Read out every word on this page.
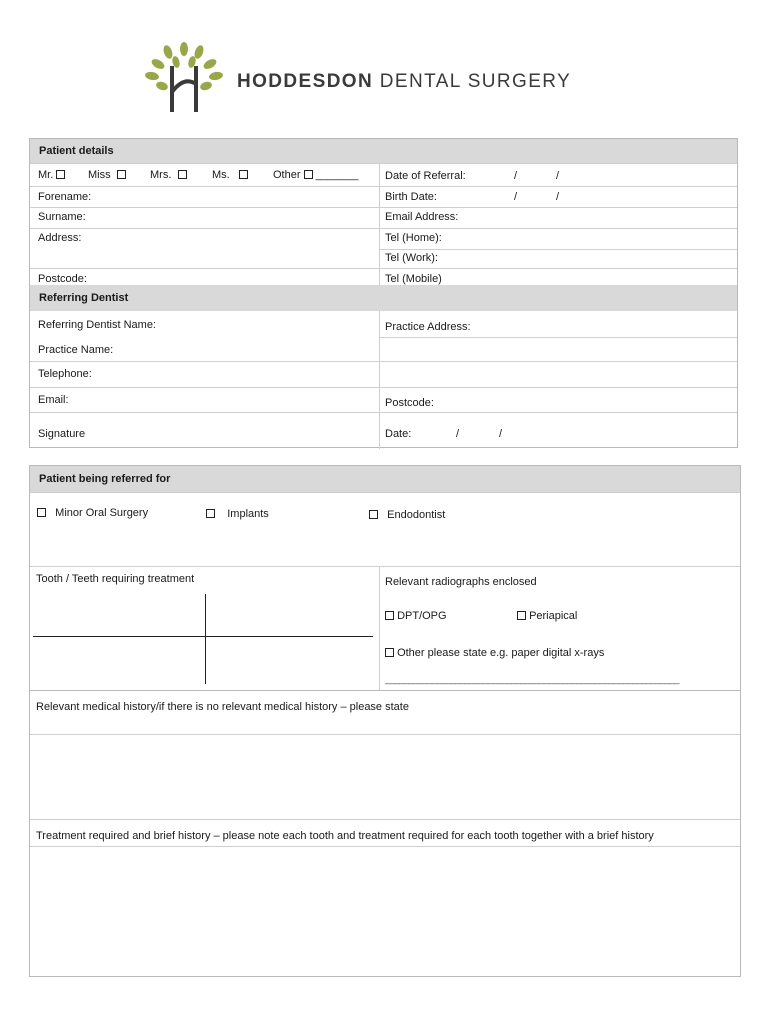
HODDESDON DENTAL SURGERY
Patient details
Mr.	Miss	Mrs.	Ms.	Other _______ Date of Referral:	/	/
Forename:	Birth Date:	/	/
Surname:	Email Address:
Address:	Tel (Home):
Tel (Work):
Postcode:	Tel (Mobile)
Referring Dentist
Referring Dentist Name:	Practice Address:
Practice Name:
Telephone:
Email:	Postcode:
Signature	Date:	/	/
Patient being referred for
Minor Oral Surgery	Implants	Endodontist
Tooth / Teeth requiring treatment	Relevant radiographs enclosed
DPT/OPG	Periapical
Other please state e.g. paper digital x-rays
_______________________________________________________________
Relevant medical history/if there is no relevant medical history – please state
Treatment required and brief history – please note each tooth and treatment required for each tooth together with a brief history
